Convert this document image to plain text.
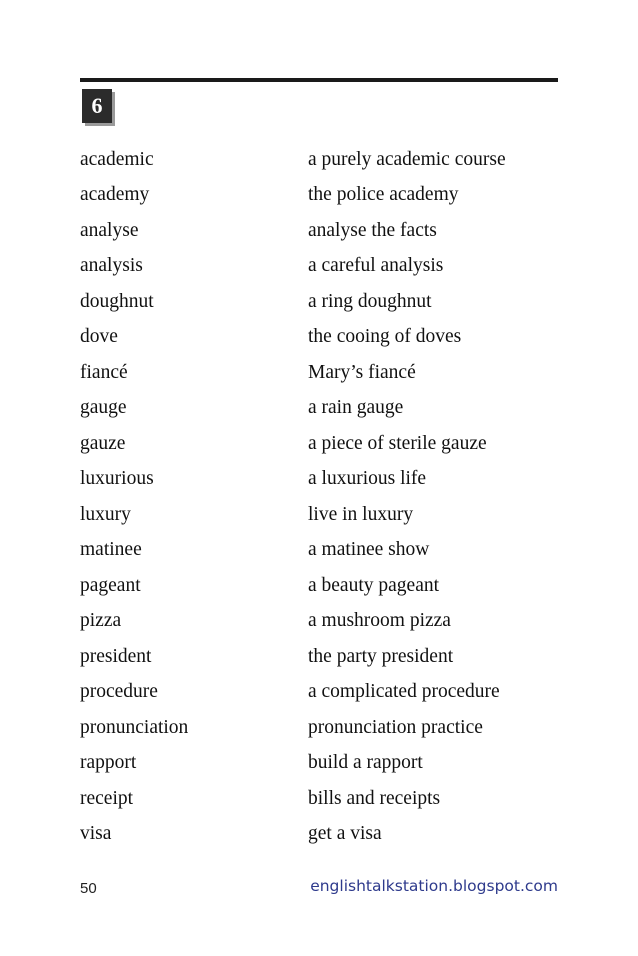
6
academic	a purely academic course
academy	the police academy
analyse	analyse the facts
analysis	a careful analysis
doughnut	a ring doughnut
dove	the cooing of doves
fiancé	Mary’s fiancé
gauge	a rain gauge
gauze	a piece of sterile gauze
luxurious	a luxurious life
luxury	live in luxury
matinee	a matinee show
pageant	a beauty pageant
pizza	a mushroom pizza
president	the party president
procedure	a complicated procedure
pronunciation	pronunciation practice
rapport	build a rapport
receipt	bills and receipts
visa	get a visa
50	englishtalkstation.blogspot.com
